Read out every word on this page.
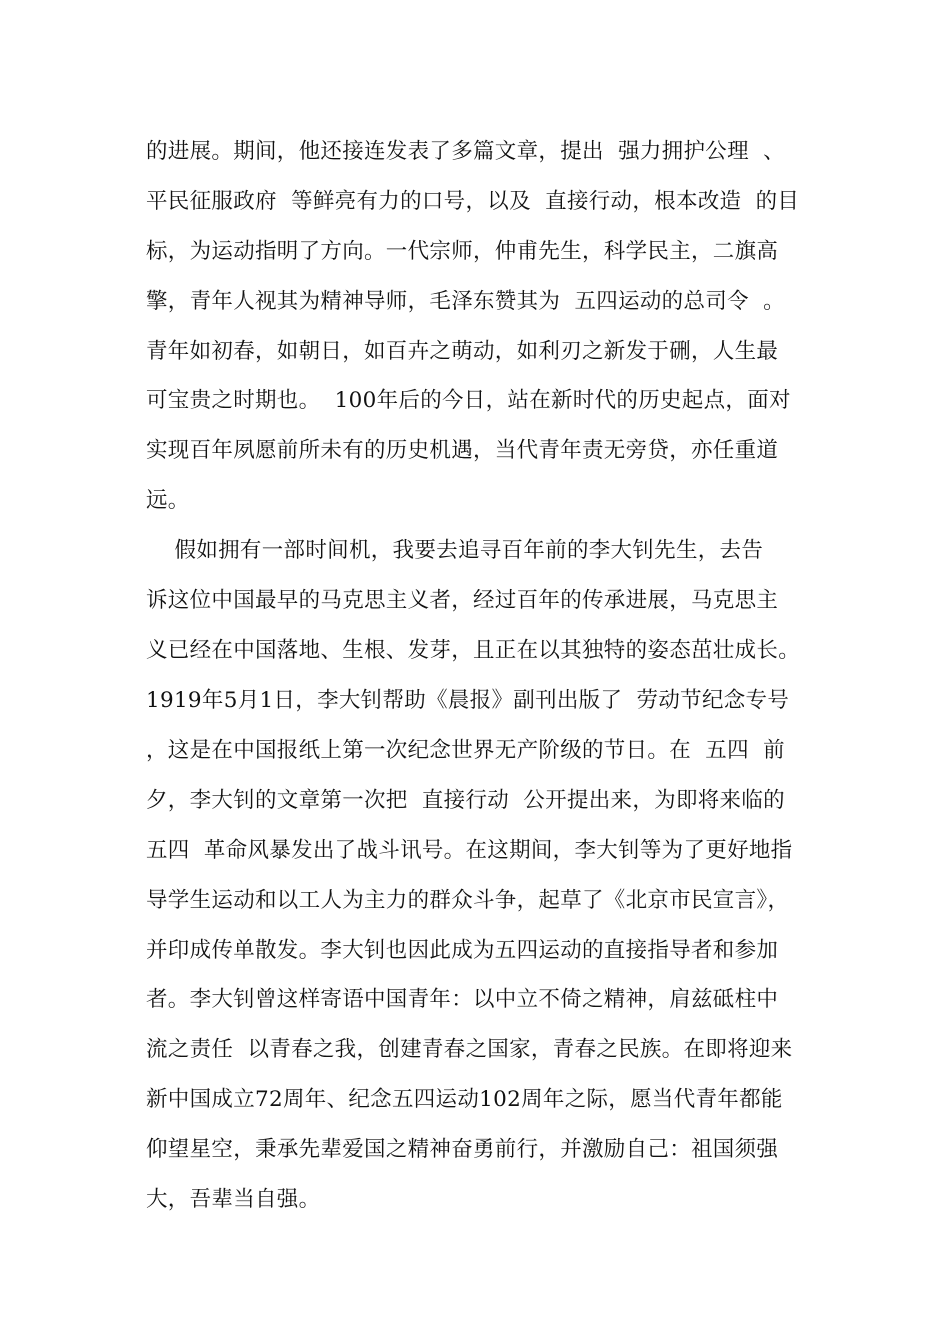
的进展。期间，他还接连发表了多篇文章，提出  强力拥护公理  、
平民征服政府  等鲜亮有力的口号，以及  直接行动，根本改造  的目
标，为运动指明了方向。一代宗师，仲甫先生，科学民主，二旗高
擎，青年人视其为精神导师，毛泽东赞其为  五四运动的总司令  。
青年如初春，如朝日，如百卉之萌动，如利刃之新发于硎，人生最
可宝贵之时期也。  100年后的今日，站在新时代的历史起点，面对
实现百年夙愿前所未有的历史机遇，当代青年责无旁贷，亦任重道
远。
假如拥有一部时间机，我要去追寻百年前的李大钊先生，去告
诉这位中国最早的马克思主义者，经过百年的传承进展，马克思主
义已经在中国落地、生根、发芽，且正在以其独特的姿态茁壮成长。
1919年5月1日，李大钊帮助《晨报》副刊出版了  劳动节纪念专号
，这是在中国报纸上第一次纪念世界无产阶级的节日。在  五四  前
夕，李大钊的文章第一次把  直接行动  公开提出来，为即将来临的
五四  革命风暴发出了战斗讯号。在这期间，李大钊等为了更好地指
导学生运动和以工人为主力的群众斗争，起草了《北京市民宣言》，
并印成传单散发。李大钊也因此成为五四运动的直接指导者和参加
者。李大钊曾这样寄语中国青年：以中立不倚之精神，肩兹砥柱中
流之责任  以青春之我，创建青春之国家，青春之民族。在即将迎来
新中国成立72周年、纪念五四运动102周年之际，愿当代青年都能
仰望星空，秉承先辈爱国之精神奋勇前行，并激励自己：祖国须强
大，吾辈当自强。
